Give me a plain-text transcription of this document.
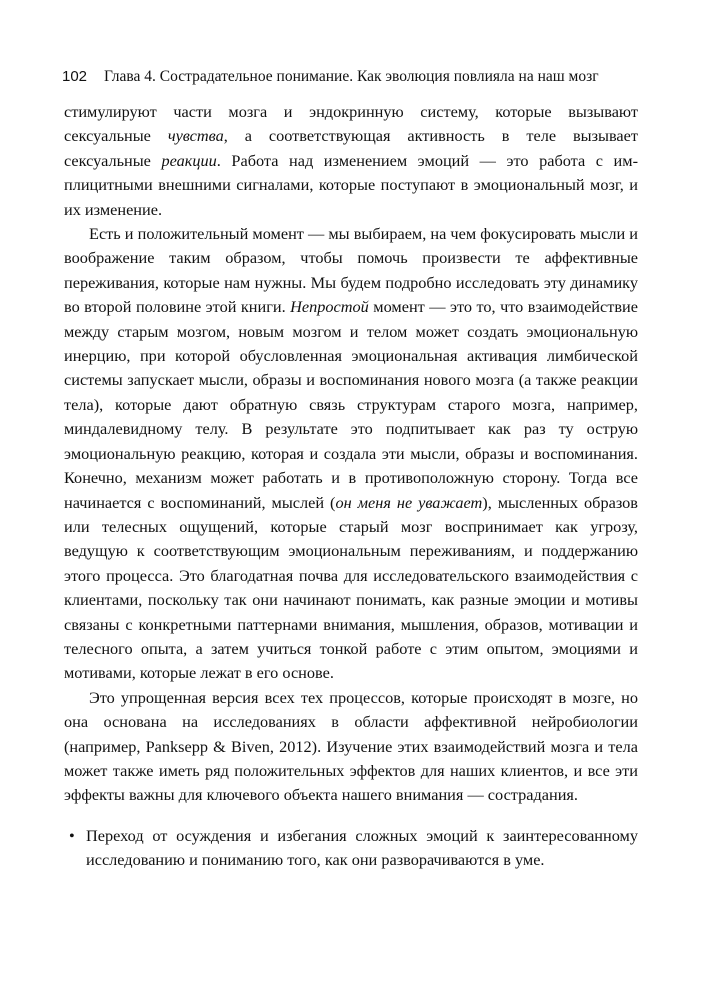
102 Глава 4. Сострадательное понимание. Как эволюция повлияла на наш мозг

стимулируют части мозга и эндокринную систему, которые вызывают сексуальные чувства, а соответствующая активность в теле вызывает сексуальные реакции. Работа над изменением эмоций — это работа с имплицитными внешними сигналами, которые поступают в эмоциональный мозг, и их изменение.

Есть и положительный момент — мы выбираем, на чем фокусировать мысли и воображение таким образом, чтобы помочь произвести те аффективные переживания, которые нам нужны. Мы будем подробно исследовать эту динамику во второй половине этой книги. Непростой момент — это то, что взаимодействие между старым мозгом, новым мозгом и телом может создать эмоциональную инерцию, при которой обусловленная эмоциональная активация лимбической системы запускает мысли, образы и воспоминания нового мозга (а также реакции тела), которые дают обратную связь структурам старого мозга, например, миндалевидному телу. В результате это подпитывает как раз ту острую эмоциональную реакцию, которая и создала эти мысли, образы и воспоминания. Конечно, механизм может работать и в противоположную сторону. Тогда все начинается с воспоминаний, мыслей (он меня не уважает), мысленных образов или телесных ощущений, которые старый мозг воспринимает как угрозу, ведущую к соответствующим эмоциональным переживаниям, и поддержанию этого процесса. Это благодатная почва для исследовательского взаимодействия с клиентами, поскольку так они начинают понимать, как разные эмоции и мотивы связаны с конкретными паттернами внимания, мышления, образов, мотивации и телесного опыта, а затем учиться тонкой работе с этим опытом, эмоциями и мотивами, которые лежат в его основе.

Это упрощенная версия всех тех процессов, которые происходят в мозге, но она основана на исследованиях в области аффективной нейробиологии (например, Panksepp & Biven, 2012). Изучение этих взаимодействий мозга и тела может также иметь ряд положительных эффектов для наших клиентов, и все эти эффекты важны для ключевого объекта нашего внимания — сострадания.

• Переход от осуждения и избегания сложных эмоций к заинтересованному исследованию и пониманию того, как они разворачиваются в уме.
